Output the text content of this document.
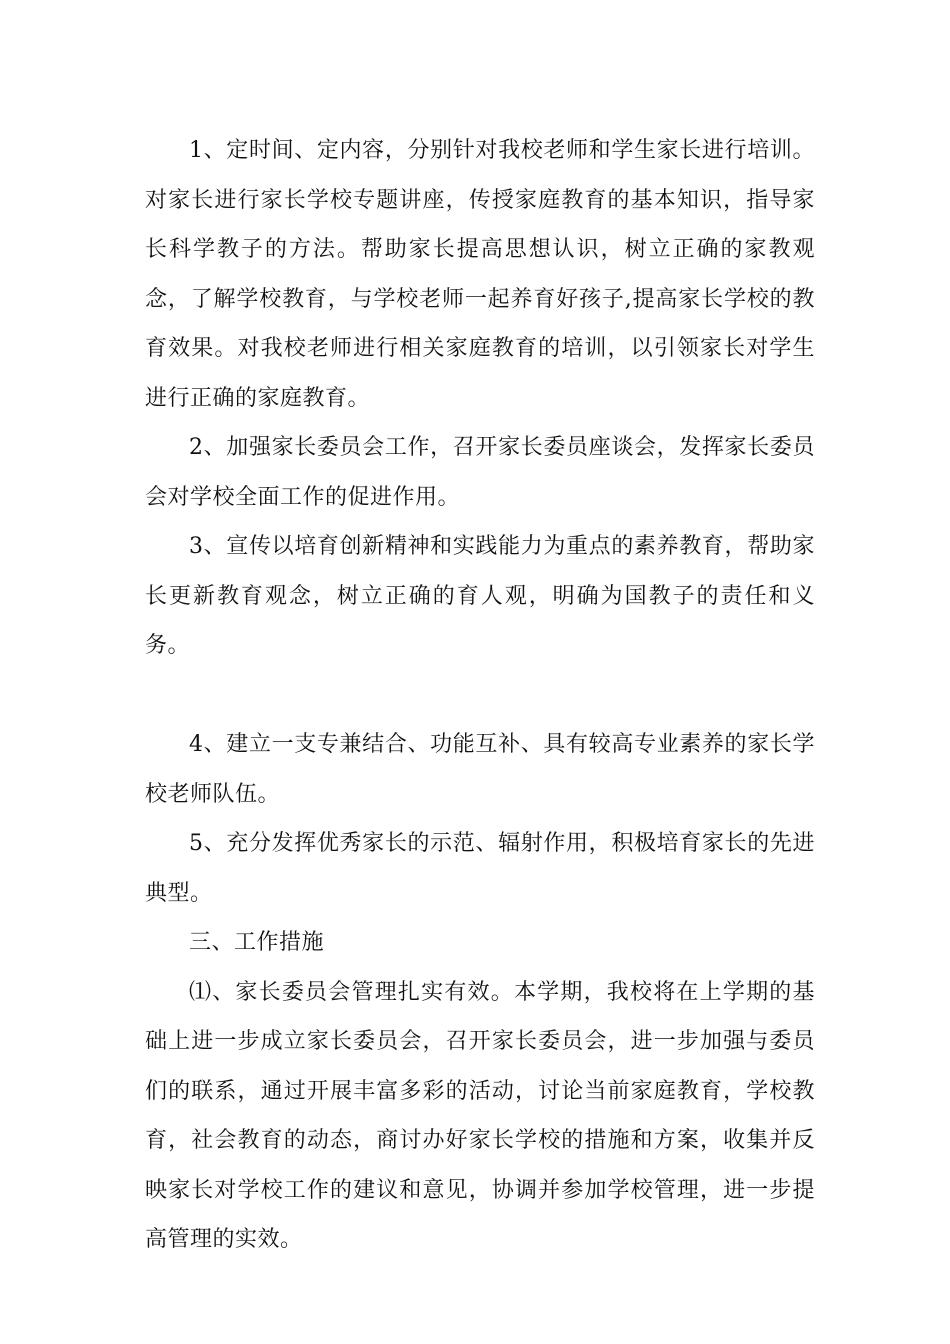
1、定时间、定内容，分别针对我校老师和学生家长进行培训。对家长进行家长学校专题讲座，传授家庭教育的基本知识，指导家长科学教子的方法。帮助家长提高思想认识，树立正确的家教观念，了解学校教育，与学校老师一起养育好孩子,提高家长学校的教育效果。对我校老师进行相关家庭教育的培训，以引领家长对学生进行正确的家庭教育。

2、加强家长委员会工作，召开家长委员座谈会，发挥家长委员会对学校全面工作的促进作用。

3、宣传以培育创新精神和实践能力为重点的素养教育，帮助家长更新教育观念，树立正确的育人观，明确为国教子的责任和义务。

4、建立一支专兼结合、功能互补、具有较高专业素养的家长学校老师队伍。

5、充分发挥优秀家长的示范、辐射作用，积极培育家长的先进典型。

三、工作措施

⑴、家长委员会管理扎实有效。本学期，我校将在上学期的基础上进一步成立家长委员会，召开家长委员会，进一步加强与委员们的联系，通过开展丰富多彩的活动，讨论当前家庭教育，学校教育，社会教育的动态，商讨办好家长学校的措施和方案，收集并反映家长对学校工作的建议和意见，协调并参加学校管理，进一步提高管理的实效。
